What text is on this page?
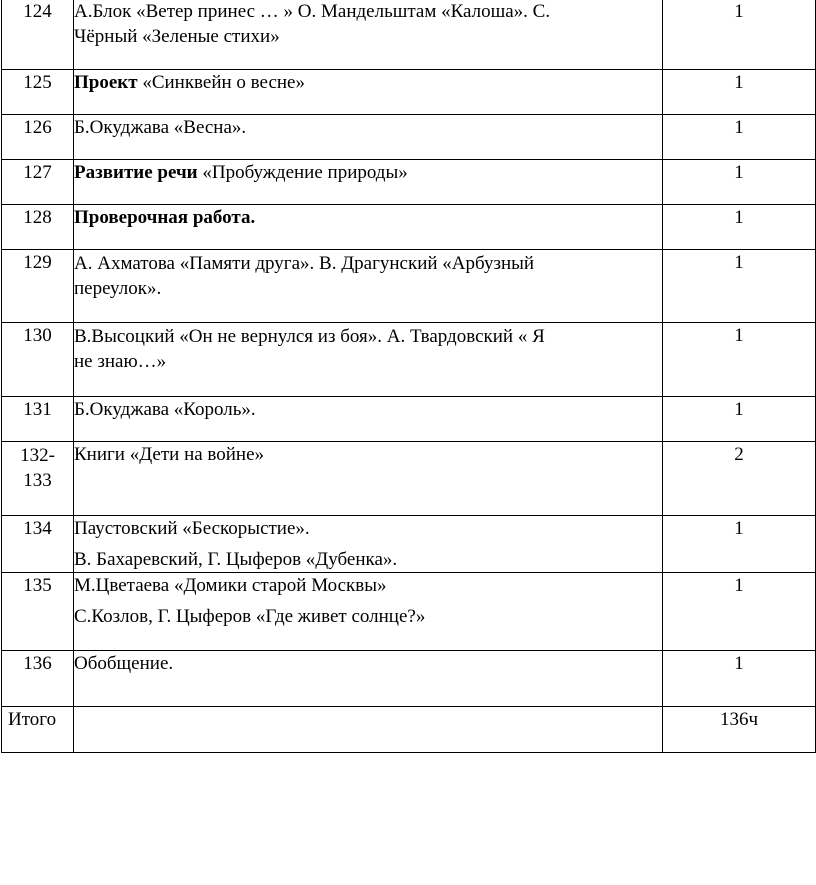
124	А.Блок «Ветер принес … » О. Мандельштам «Калоша». С.
Чёрный «Зеленые стихи»	1
125	Проект «Синквейн о весне»	1
126	Б.Окуджава «Весна».	1
127	Развитие речи «Пробуждение природы»	1
128	Проверочная работа.	1
129	А. Ахматова «Памяти друга». В. Драгунский «Арбузный
переулок».	1
130	В.Высоцкий «Он не вернулся из боя». А. Твардовский « Я
не знаю…»	1
131	Б.Окуджава «Король».	1
132-
133	Книги «Дети на войне»	2
134	Паустовский «Бескорыстие».
В. Бахаревский, Г. Цыферов «Дубенка».	1
135	М.Цветаева «Домики старой Москвы»
С.Козлов, Г. Цыферов «Где живет солнце?»	1
136	Обобщение.	1
Итого		136ч
